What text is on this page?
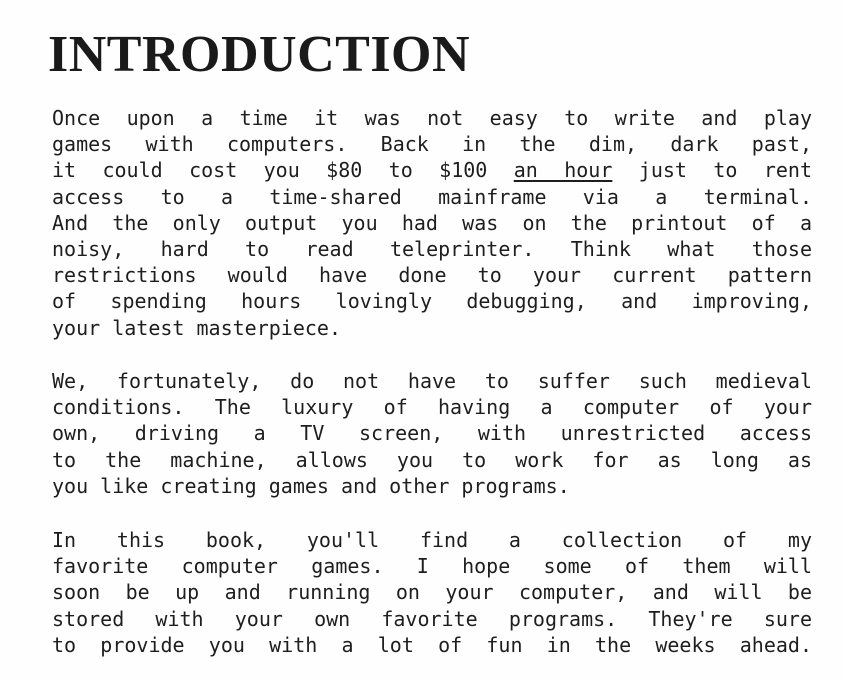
INTRODUCTION
Once upon a time it was not easy to write and play
games with computers. Back in the dim, dark past,
it could cost you $80 to $100 an hour just to rent
access to a time-shared mainframe via a terminal.
And the only output you had was on the printout of a
noisy, hard to read teleprinter. Think what those
restrictions would have done to your current pattern
of spending hours lovingly debugging, and improving,
your latest masterpiece.
We, fortunately, do not have to suffer such medieval
conditions. The luxury of having a computer of your
own, driving a TV screen, with unrestricted access
to the machine, allows you to work for as long as
you like creating games and other programs.
In this book, you'll find a collection of my
favorite computer games. I hope some of them will
soon be up and running on your computer, and will be
stored with your own favorite programs. They're sure
to provide you with a lot of fun in the weeks ahead.
